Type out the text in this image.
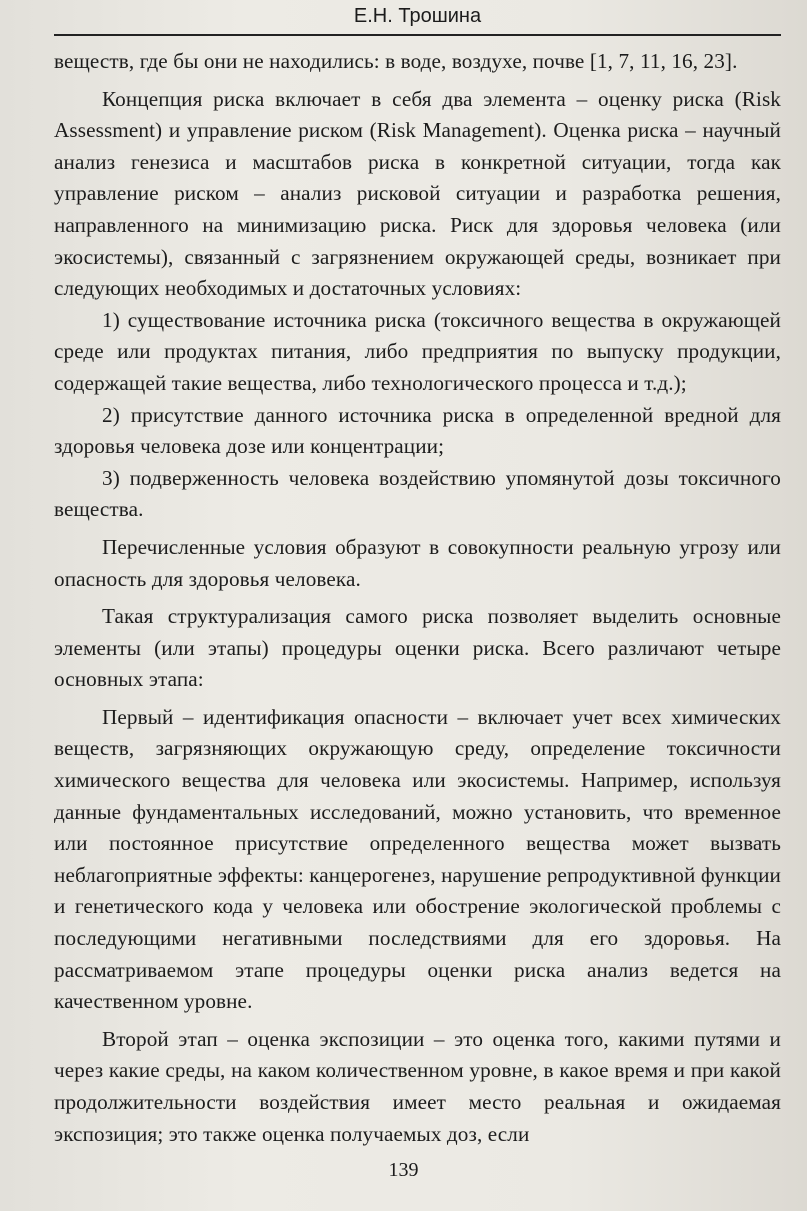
Е.Н. Трошина

веществ, где бы они не находились: в воде, воздухе, почве [1, 7, 11, 16, 23].

Концепция риска включает в себя два элемента – оценку риска (Risk Assessment) и управление риском (Risk Management). Оценка риска – научный анализ генезиса и масштабов риска в конкретной ситуации, тогда как управление риском – анализ рисковой ситуации и разработка решения, направленного на минимизацию риска. Риск для здоровья человека (или экосистемы), связанный с загрязнением окружающей среды, возникает при следующих необходимых и достаточных условиях:

1) существование источника риска (токсичного вещества в окружающей среде или продуктах питания, либо предприятия по выпуску продукции, содержащей такие вещества, либо технологического процесса и т.д.);

2) присутствие данного источника риска в определенной вредной для здоровья человека дозе или концентрации;

3) подверженность человека воздействию упомянутой дозы токсичного вещества.

Перечисленные условия образуют в совокупности реальную угрозу или опасность для здоровья человека.

Такая структурализация самого риска позволяет выделить основные элементы (или этапы) процедуры оценки риска. Всего различают четыре основных этапа:

Первый – идентификация опасности – включает учет всех химических веществ, загрязняющих окружающую среду, определение токсичности химического вещества для человека или экосистемы. Например, используя данные фундаментальных исследований, можно установить, что временное или постоянное присутствие определенного вещества может вызвать неблагоприятные эффекты: канцерогенез, нарушение репродуктивной функции и генетического кода у человека или обострение экологической проблемы с последующими негативными последствиями для его здоровья. На рассматриваемом этапе процедуры оценки риска анализ ведется на качественном уровне.

Второй этап – оценка экспозиции – это оценка того, какими путями и через какие среды, на каком количественном уровне, в какое время и при какой продолжительности воздействия имеет место реальная и ожидаемая экспозиция; это также оценка получаемых доз, если

139
